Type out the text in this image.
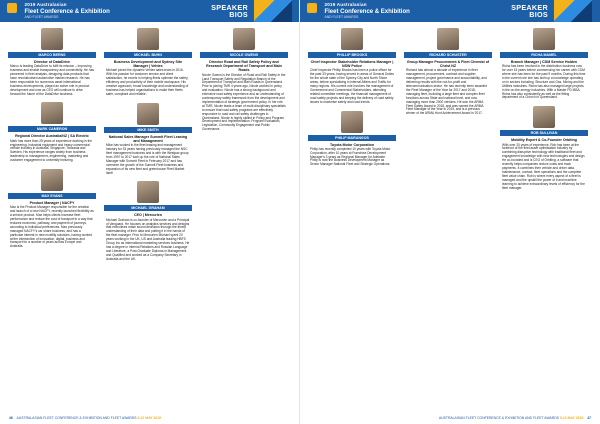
2019 Australasian
Fleet Conference & Exhibition
AND FLEET AWARDS
SPEAKER
BIOS
MARCO BERNS
Director of DataDrive
Marco is leading DataDrive to fulfil its mission – improving business and enable transparency and connectivity. He has pioneered in fleet analysis, designing data products that have revolutionised automotive market research. He has been responsible for numerous asset international business developments, played an active role in product development and now as CEO will continue to drive forward the future of the DataDrive business.
MARK CAMERON
Regional Director Australia/NZ | SA Electric
Mark has more than 25 years of experience working in the engineering, industrial equipment and heavy commercial vehicle industry in Australia, Singapore, Tanzania and Sweden. His experience ranges widely from business leadership to management, engineering, marketing and customer engagement to university lecturing.
MAX EVANS
Product Manager | NACFY
Max is the Product Manager responsible for the creation and launch of a new NACFY, recently launched flexibility as a service product. Max helps clients increase fleet performance and reduce the cost of transport in a way that reduces economic, pathway, and payment of journeys, according to individual preferences. Max previously managed NACFY's car share business, and has a particular interest in new mobility solutions, having worked at the intersection of innovation, digital, business and transport for a number of years across Europe and Australia.
MICHAEL BUHN
Business Development and Sydney Site Manager | Vehtex
Michael joined the dynamic Vehtex sales team in 2016. With his passion for customer service and client satisfaction, he excels in helping fleets optimise the safety, efficiency and productivity of their mobile workspace. His creative approach, broad knowledge and understanding of business has helped organisations to make their fleets safer, compliant and reliable.
MIKE SMITH
National Sales Manager Summit Fleet Leasing and Management
Mike has worked in the fleet leasing and management industry for 33 years having previously managed the NSC fleet management business and is with the Westpac group from 1997 to 2017 took up the role of National Sales Manager with Summit Fleet in February 2017 and has overseen the growth of the Summit Fleet business and expansion of its new fleet and greenhouse Fleet Market itself.
MICHAEL GRAHAM
CEO | Mercurien
Michael Graham is co-founder of Mercurien and a Principal of Vanguard. He focuses on analytics services and designs that executives make sound decisions through the timely understanding of their data and putting it in the hands of the fleet manager. Prior to Mercurien Michael spent 20 years working in the UK, US and Australia leading HBFS Group Inc as international marketing services business. He has a degree in Internal Relations and Russian Language and Literature, a Post-Graduate Diploma in Management and Qualified and worked as a Company Secretary in Australia and the UK.
NICOLE OWENS
Director Road and Rail Safety Policy and Research Department of Transport and Main Roads
Nicole Owens is the Director of Road and Rail Safety in the Land Transport Safety and Regulation Branch of the Department of Transport and Main Roads in Queensland. Prior to joining TMR 4 years ago, Nicole worked in policy and evaluation. Nicole has a strong background and extensive road safety experience and an understanding of contemporary safety framework from the development and implementation of strategic government policy. In her role at TMR, Nicole leads a team of multi-disciplinary specialists to ensure that road safety programs are effectively responsive to road and rail safety challenges in Queensland. Nicole is highly skilled in Policy and Program Development and Implementation, Program Evaluation, Legislation, Community Engagement and Public Governance.
46 AUSTRALASIAN FLEET CONFERENCE & EXHIBITION AND FLEET AWARDS 9-10 MAY 2019

2019 Australasian
Fleet Conference & Exhibition
AND FLEET AWARDS
SPEAKER
BIOS
PHILLIP BROOKS
Chief Inspector Stakeholder Relations Manager | NSW Police
Chief Inspector Phillip Brooks has been a police officer for the past 33 years, having served in areas of General Duties for the whole state of the Sydney City and North Shore areas, before specialising in internal Affairs and Traffic for many regions. His current role involves the management of Government and Commercial Stakeholders, attending related committee meetings, the financial management of road safety projects and keeping the delivery of road safety issues to maximise safety and road trends.
PHILIP MARANGOS
Toyota Motor Corporation
Philip has recently completed 10 years with Toyota Motor Corporation, after 10 years at Franchise Development Manager's 3 years as Regional Manager for Adelaide. Philip is now the Business Development Manager as Senior Manager National Fleet and Strategic Operations.
RICHARD SCHUSTER
Group Manager Procurement & Fleet Chemist of Christ NZ
Richard has almost a decade of experience in fleet management, procurement, contract and supplier management, project governance and accountability, and delivering results with the not-for-profit and telecommunication sector. He has recently been awarded the Fleet Manager of the Year for 2017 and 2018, managing fleet, including a large fleet and complex fleet functions across State and national level, and now managing more than 2000 vehicles. He won the ARMA Fleet Safety Award in 2018, and was named the ARMA Fleet Manager of the Year in 2019, and is a previous winner of the ARMA Hunt Achievement Award in 2017.
RICHA MAMEL
Branch Manager | CDM Service Holden
Richa has been involved in the distribution business now for over 15 years before commencing her career with CDM where she has been for the past 9 months. During this time in the current role she has built up a knowledge operating on in sectors including, Structure and Gas, Mining and the Utilities industries. Richa has also managed large projects in the on-the-energy industries. With a Master PD MBA, Richa has also consistently as well as the fitting department of a Church in Queensland.
ROB SULLIVAN
Mobility Expert & Co-Founder Orbiting
With over 20 years of experience, Rob has been at the forefront of the fleet asset optimisation industry by combining disruptive technology with traditional fleet and engagement knowledge with new technologies and design. He co-founded and is CEO of Orbiting, a software that recently helps companies reduce costs and track payments. It combines their vehicle and driver data, maintenance, contact, fleet operations and the complete fleet value chain. Rob is where every aspect of a fleet is managed and the upskill the power of it and machine learning to achieve extraordinary levels of efficiency for the fleet manager.
AUSTRALASIAN FLEET CONFERENCE & EXHIBITION AND FLEET AWARDS 9-10 MAY 2019 47
